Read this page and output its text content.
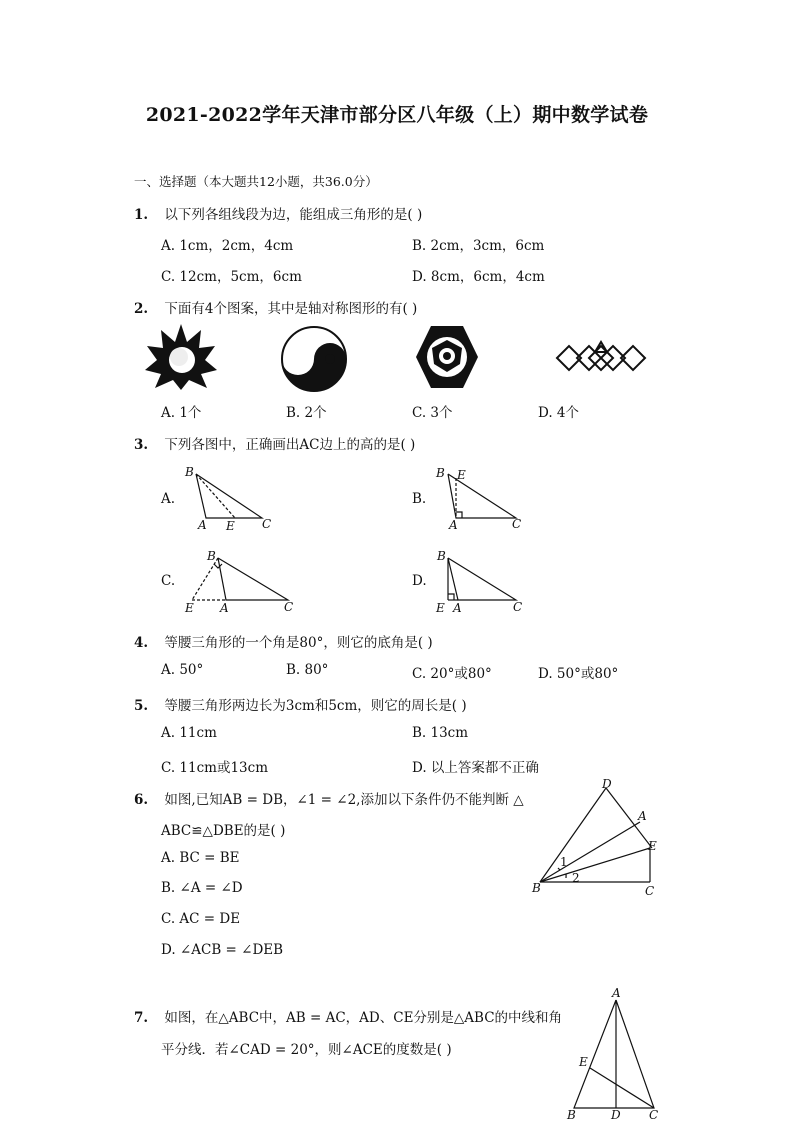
2021-2022学年天津市部分区八年级（上）期中数学试卷
一、选择题（本大题共12小题，共36.0分）
1. 以下列各组线段为边，能组成三角形的是( )
A. 1cm，2cm，4cm	B. 2cm，3cm，6cm
C. 12cm，5cm，6cm	D. 8cm，6cm，4cm
2. 下面有4个图案，其中是轴对称图形的有( )
A. 1个	B. 2个	C. 3个	D. 4个
3. 下列各图中，正确画出AC边上的高的是( )
A.
B
A E C
B.
B E
A	C
C.
B
E A	C
D.
B
E A	C
4. 等腰三角形的一个角是80°，则它的底角是( )
A. 50°	B. 80°	C. 20°或80°	D. 50°或80°
5. 等腰三角形两边长为3cm和5cm，则它的周长是( )
A. 11cm	B. 13cm
C. 11cm或13cm	D. 以上答案都不正确
6. 如图,已知AB = DB，∠1 = ∠2,添加以下条件仍不能判断 △
ABC≌△DBE的是( )
A. BC = BE
B. ∠A = ∠D
C. AC = DE
D. ∠ACB = ∠DEB
D
A
E
B	C
1
2
7. 如图，在△ABC中，AB = AC，AD、CE分别是△ABC的中线和角
平分线．若∠CAD = 20°，则∠ACE的度数是( )
A
E
B	D C
